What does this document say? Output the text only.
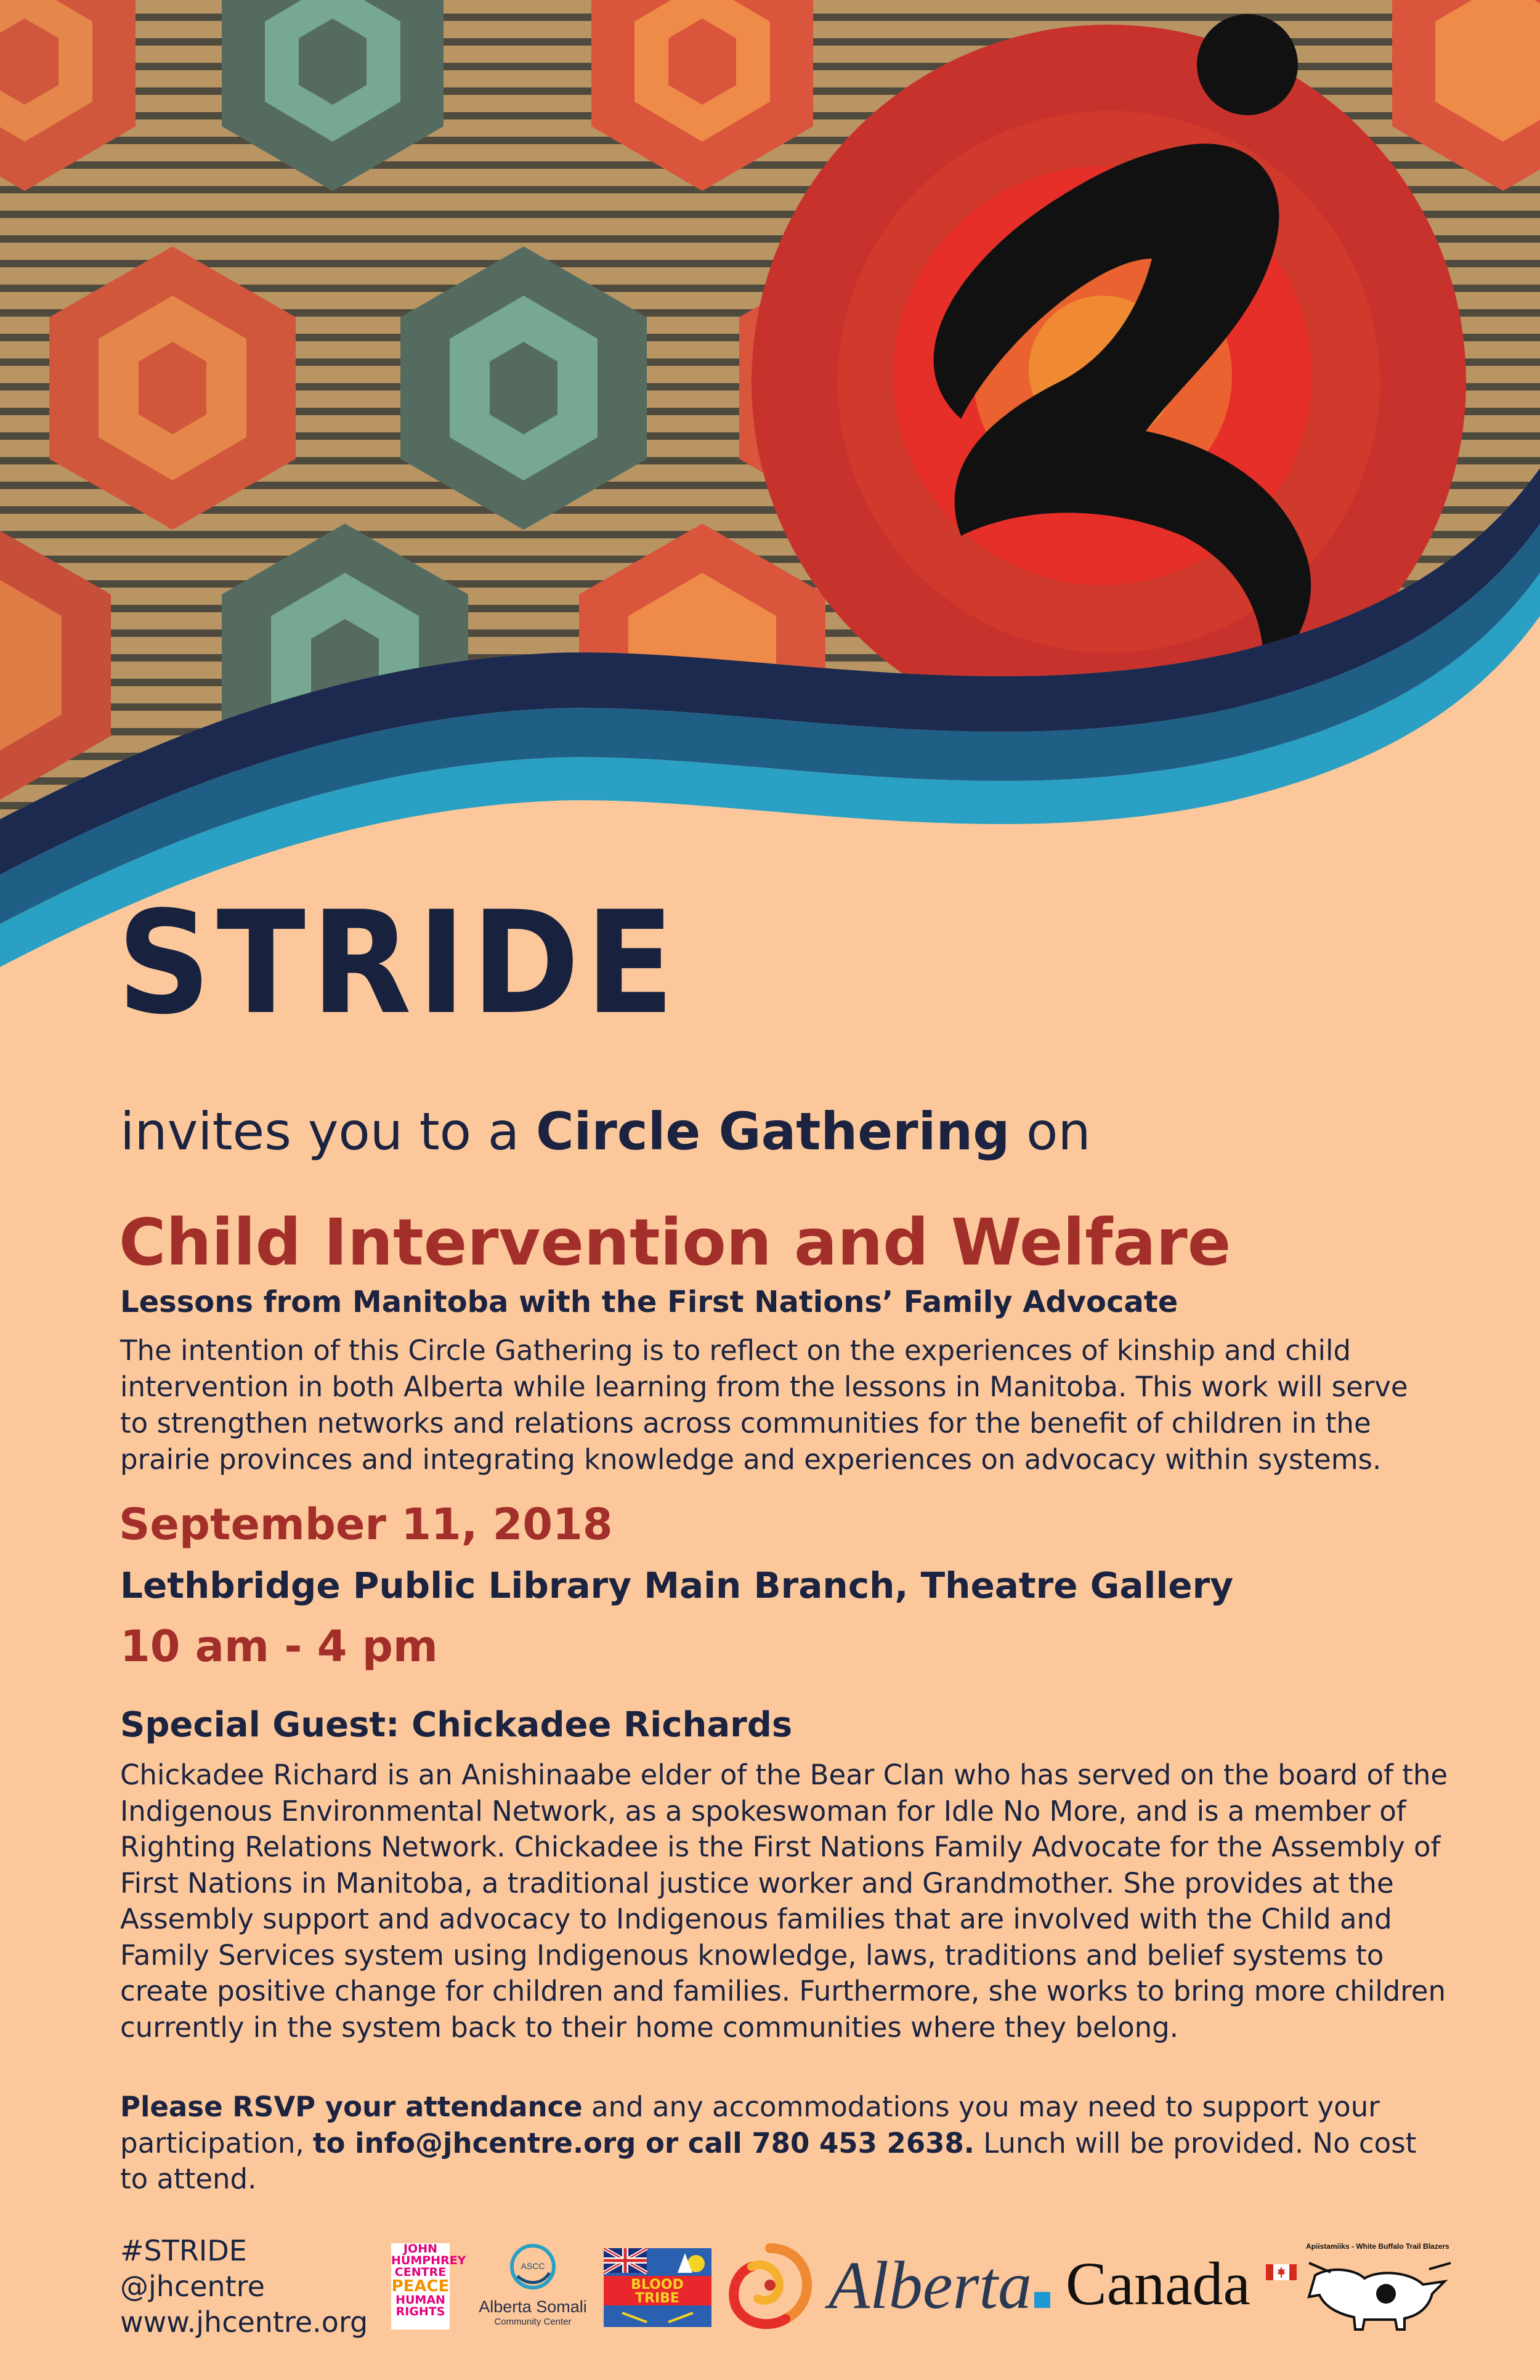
STRIDE
invites you to a Circle Gathering on
Child Intervention and Welfare
Lessons from Manitoba with the First Nations’ Family Advocate
The intention of this Circle Gathering is to reflect on the experiences of kinship and child intervention in both Alberta while learning from the lessons in Manitoba. This work will serve to strengthen networks and relations across communities for the benefit of children in the prairie provinces and integrating knowledge and experiences on advocacy within systems.
September 11, 2018
Lethbridge Public Library Main Branch, Theatre Gallery
10 am - 4 pm
Special Guest: Chickadee Richards
Chickadee Richard is an Anishinaabe elder of the Bear Clan who has served on the board of the Indigenous Environmental Network, as a spokeswoman for Idle No More, and is a member of Righting Relations Network. Chickadee is the First Nations Family Advocate for the Assembly of First Nations in Manitoba, a traditional justice worker and Grandmother. She provides at the Assembly support and advocacy to Indigenous families that are involved with the Child and Family Services system using Indigenous knowledge, laws, traditions and belief systems to create positive change for children and families. Furthermore, she works to bring more children currently in the system back to their home communities where they belong.
Please RSVP your attendance and any accommodations you may need to support your participation, to info@jhcentre.org or call 780 453 2638. Lunch will be provided. No cost to attend.
#STRIDE
@jhcentre
www.jhcentre.org
JOHN
HUMPHREY
CENTRE
PEACE
HUMAN
RIGHTS
ASCC
Alberta Somali
Community Center
BLOOD
TRIBE Alberta Canada
Apiistamiiks - White Buffalo Trail Blazers
